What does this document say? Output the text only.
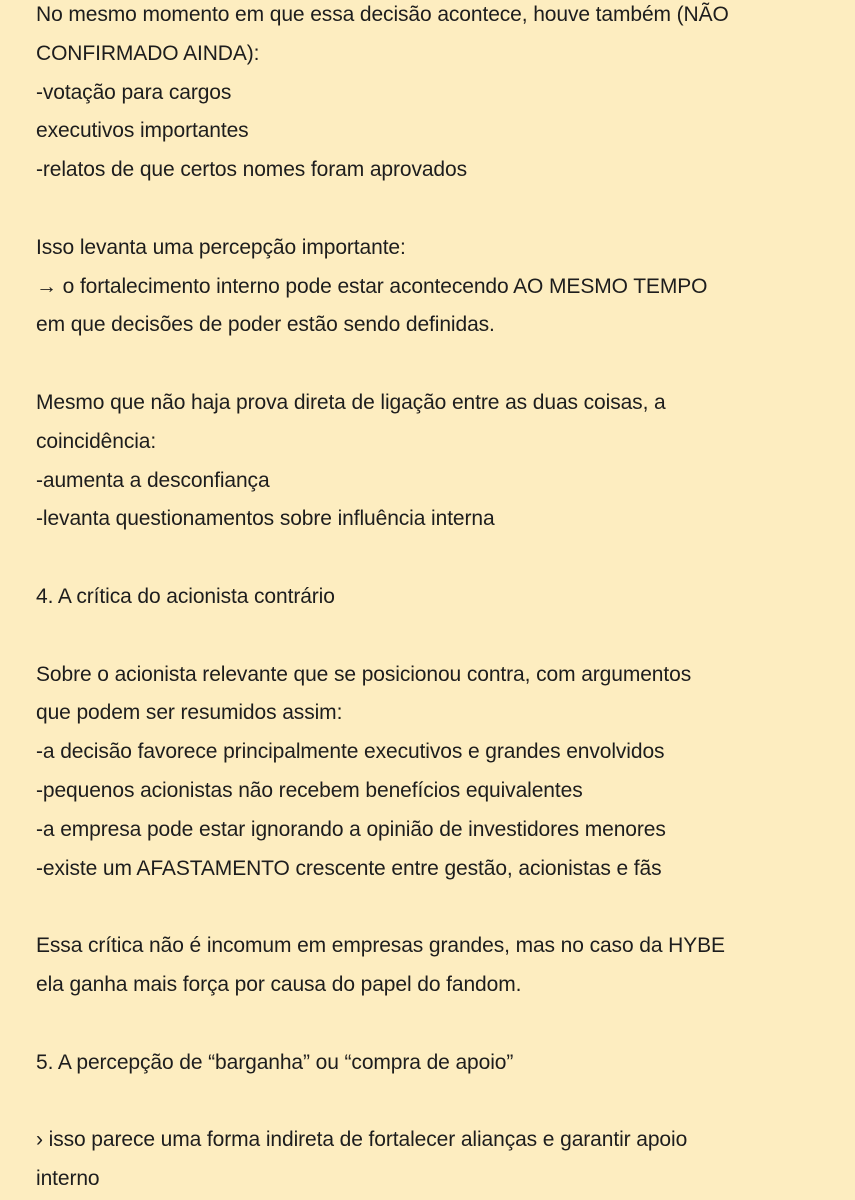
No mesmo momento em que essa decisão acontece, houve também (NÃO
CONFIRMADO AINDA):
-votação para cargos
executivos importantes
-relatos de que certos nomes foram aprovados
Isso levanta uma percepção importante:
→ o fortalecimento interno pode estar acontecendo AO MESMO TEMPO
em que decisões de poder estão sendo definidas.
Mesmo que não haja prova direta de ligação entre as duas coisas, a
coincidência:
-aumenta a desconfiança
-levanta questionamentos sobre influência interna
4. A crítica do acionista contrário
Sobre o acionista relevante que se posicionou contra, com argumentos
que podem ser resumidos assim:
-a decisão favorece principalmente executivos e grandes envolvidos
-pequenos acionistas não recebem benefícios equivalentes
-a empresa pode estar ignorando a opinião de investidores menores
-existe um AFASTAMENTO crescente entre gestão, acionistas e fãs
Essa crítica não é incomum em empresas grandes, mas no caso da HYBE
ela ganha mais força por causa do papel do fandom.
5. A percepção de “barganha” ou “compra de apoio”
› isso parece uma forma indireta de fortalecer alianças e garantir apoio
interno
